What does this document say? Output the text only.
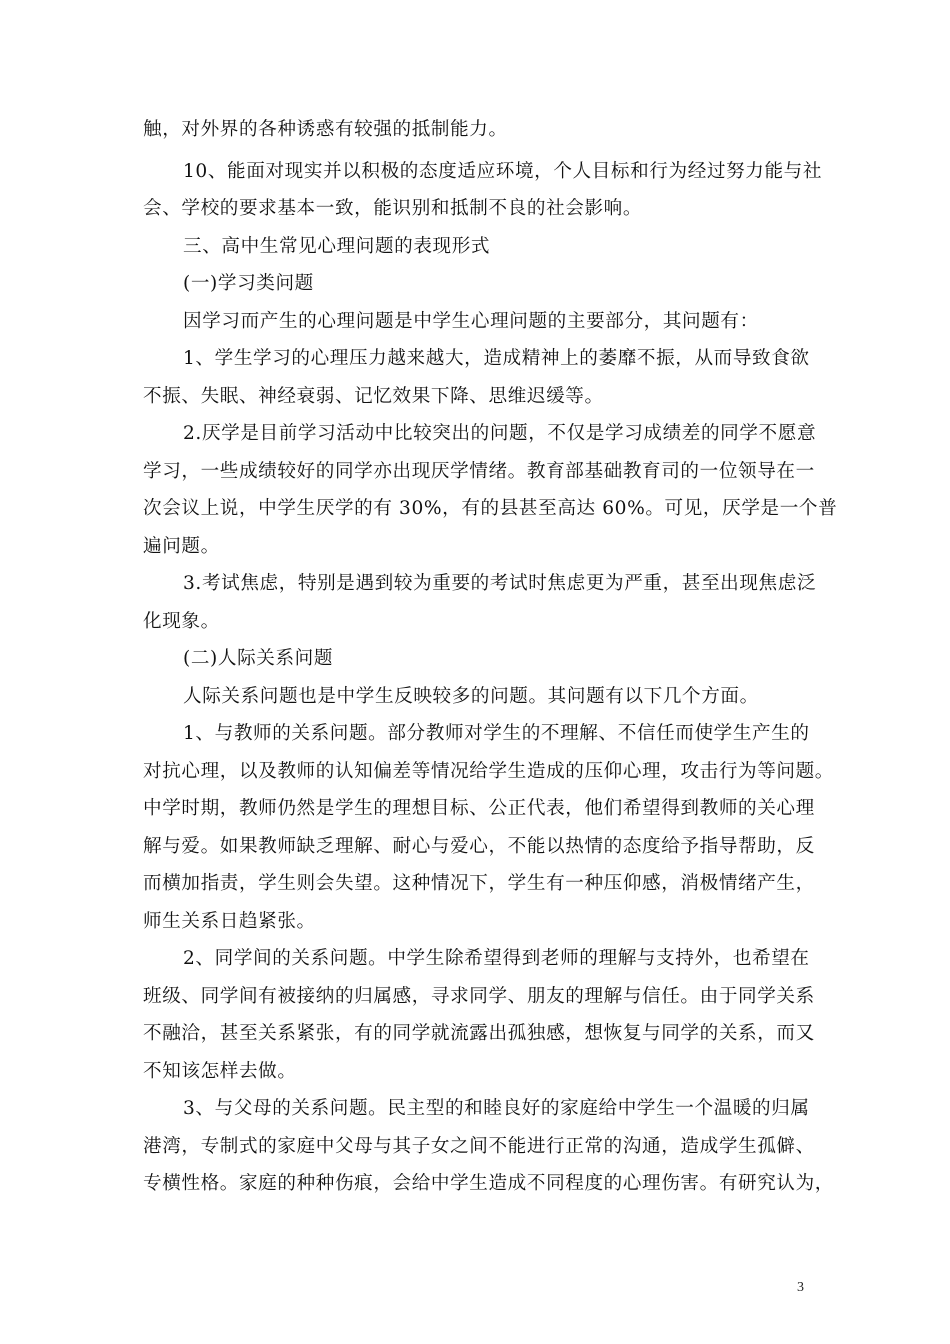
触，对外界的各种诱惑有较强的抵制能力。
10、能面对现实并以积极的态度适应环境，个人目标和行为经过努力能与社
会、学校的要求基本一致，能识别和抵制不良的社会影响。
三、高中生常见心理问题的表现形式
(一)学习类问题
因学习而产生的心理问题是中学生心理问题的主要部分，其问题有：
1、学生学习的心理压力越来越大，造成精神上的萎靡不振，从而导致食欲
不振、失眠、神经衰弱、记忆效果下降、思维迟缓等。
2.厌学是目前学习活动中比较突出的问题，不仅是学习成绩差的同学不愿意
学习，一些成绩较好的同学亦出现厌学情绪。教育部基础教育司的一位领导在一
次会议上说，中学生厌学的有 30%，有的县甚至高达 60%。可见，厌学是一个普
遍问题。
3.考试焦虑，特别是遇到较为重要的考试时焦虑更为严重，甚至出现焦虑泛
化现象。
(二)人际关系问题
人际关系问题也是中学生反映较多的问题。其问题有以下几个方面。
1、与教师的关系问题。部分教师对学生的不理解、不信任而使学生产生的
对抗心理，以及教师的认知偏差等情况给学生造成的压仰心理，攻击行为等问题。
中学时期，教师仍然是学生的理想目标、公正代表，他们希望得到教师的关心理
解与爱。如果教师缺乏理解、耐心与爱心，不能以热情的态度给予指导帮助，反
而横加指责，学生则会失望。这种情况下，学生有一种压仰感，消极情绪产生，
师生关系日趋紧张。
2、同学间的关系问题。中学生除希望得到老师的理解与支持外，也希望在
班级、同学间有被接纳的归属感，寻求同学、朋友的理解与信任。由于同学关系
不融洽，甚至关系紧张，有的同学就流露出孤独感，想恢复与同学的关系，而又
不知该怎样去做。
3、与父母的关系问题。民主型的和睦良好的家庭给中学生一个温暖的归属
港湾，专制式的家庭中父母与其子女之间不能进行正常的沟通，造成学生孤僻、
专横性格。家庭的种种伤痕，会给中学生造成不同程度的心理伤害。有研究认为，
3
